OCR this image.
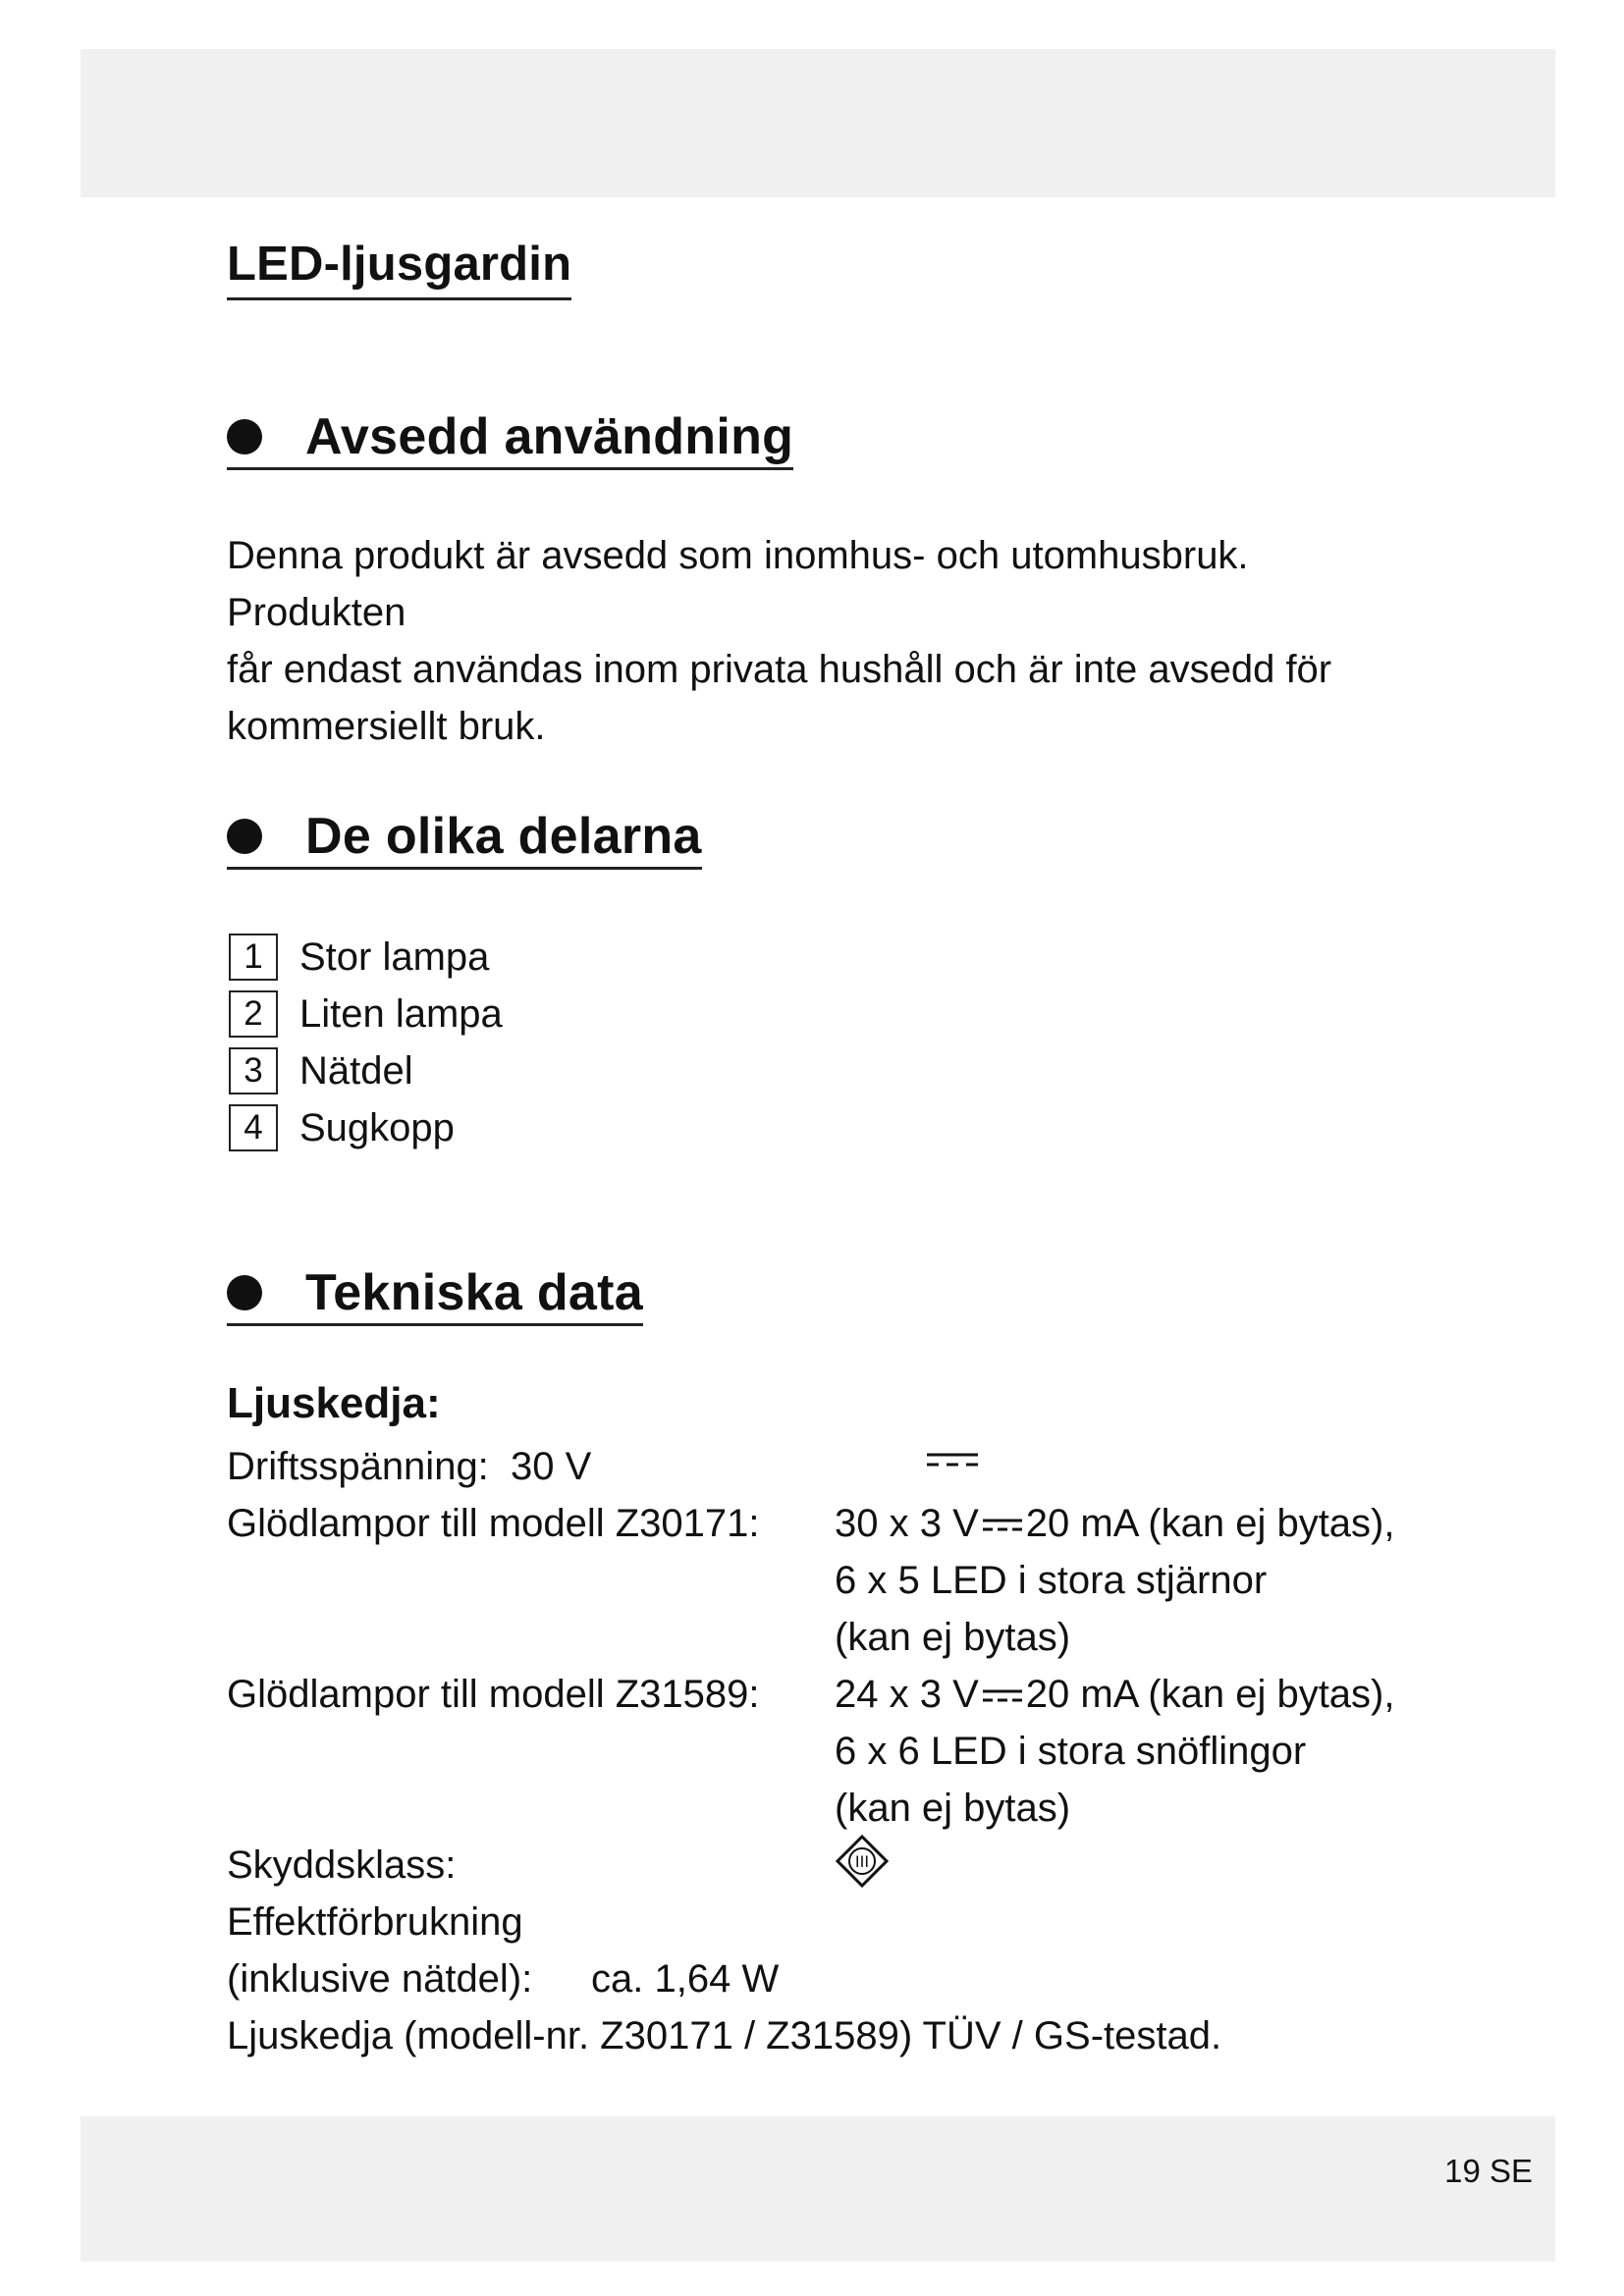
LED-ljusgardin
Avsedd användning

Denna produkt är avsedd som inomhus- och utomhusbruk. Produkten
får endast användas inom privata hushåll och är inte avsedd för
kommersiellt bruk.

De olika delarna
1 Stor lampa
2 Liten lampa
3 Nätdel
4 Sugkopp
Tekniska data
Ljuskedja:
Driftsspänning: 30 V
Glödlampor till modell Z30171: 30 x 3 V 20 mA (kan ej bytas),
6 x 5 LED i stora stjärnor
(kan ej bytas)
Glödlampor till modell Z31589: 24 x 3 V 20 mA (kan ej bytas),
6 x 6 LED i stora snöflingor
(kan ej bytas)
Skyddsklass:	III
Effektförbrukning
(inklusive nätdel): ca. 1,64 W
Ljuskedja (modell-nr. Z30171 / Z31589) TÜV / GS-testad.
19 SE
